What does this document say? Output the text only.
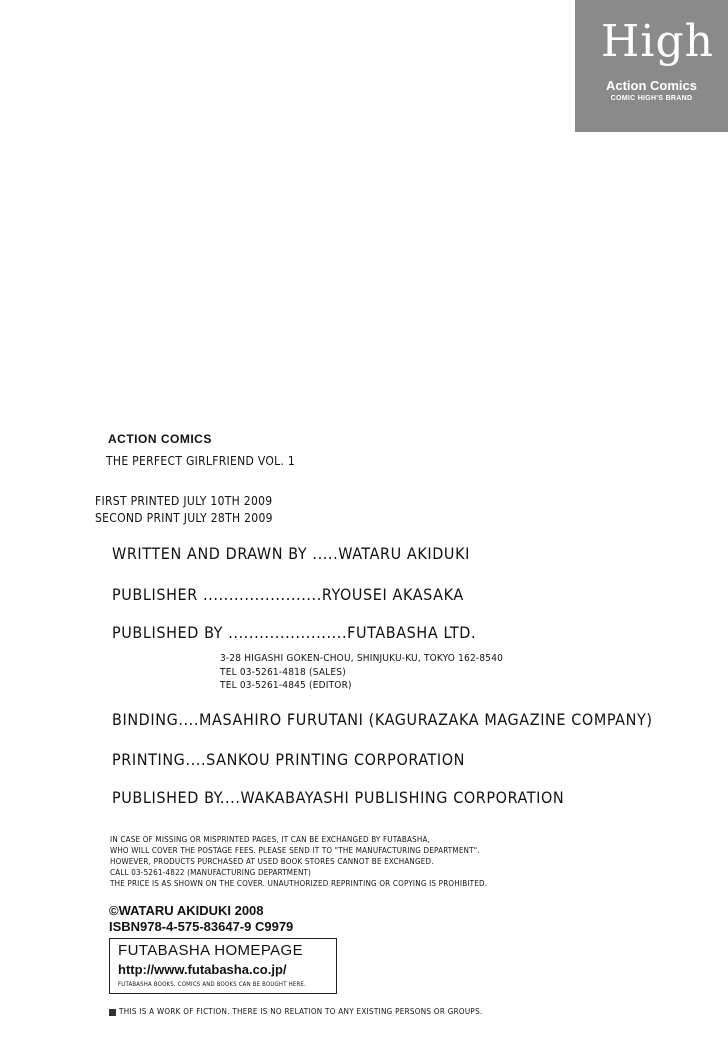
High
Action Comics
COMIC HIGH'S BRAND
ACTION COMICS
THE PERFECT GIRLFRIEND VOL. 1
FIRST PRINTED JULY 10TH 2009
SECOND PRINT JULY 28TH 2009
WRITTEN AND DRAWN BY .....WATARU AKIDUKI
PUBLISHER .......................RYOUSEI AKASAKA
PUBLISHED BY .......................FUTABASHA LTD.
3-28 HIGASHI GOKEN-CHOU, SHINJUKU-KU, TOKYO 162-8540
TEL 03-5261-4818 (SALES)
TEL 03-5261-4845 (EDITOR)
BINDING....MASAHIRO FURUTANI (KAGURAZAKA MAGAZINE COMPANY)
PRINTING....SANKOU PRINTING CORPORATION
PUBLISHED BY....WAKABAYASHI PUBLISHING CORPORATION
IN CASE OF MISSING OR MISPRINTED PAGES, IT CAN BE EXCHANGED BY FUTABASHA,
WHO WILL COVER THE POSTAGE FEES. PLEASE SEND IT TO "THE MANUFACTURING DEPARTMENT".
HOWEVER, PRODUCTS PURCHASED AT USED BOOK STORES CANNOT BE EXCHANGED.
CALL 03-5261-4822 (MANUFACTURING DEPARTMENT)
THE PRICE IS AS SHOWN ON THE COVER. UNAUTHORIZED REPRINTING OR COPYING IS PROHIBITED.
©WATARU AKIDUKI 2008
ISBN978-4-575-83647-9 C9979
FUTABASHA HOMEPAGE
http://www.futabasha.co.jp/
FUTABASHA BOOKS, COMICS AND BOOKS CAN BE BOUGHT HERE.
THIS IS A WORK OF FICTION. THERE IS NO RELATION TO ANY EXISTING PERSONS OR GROUPS.
